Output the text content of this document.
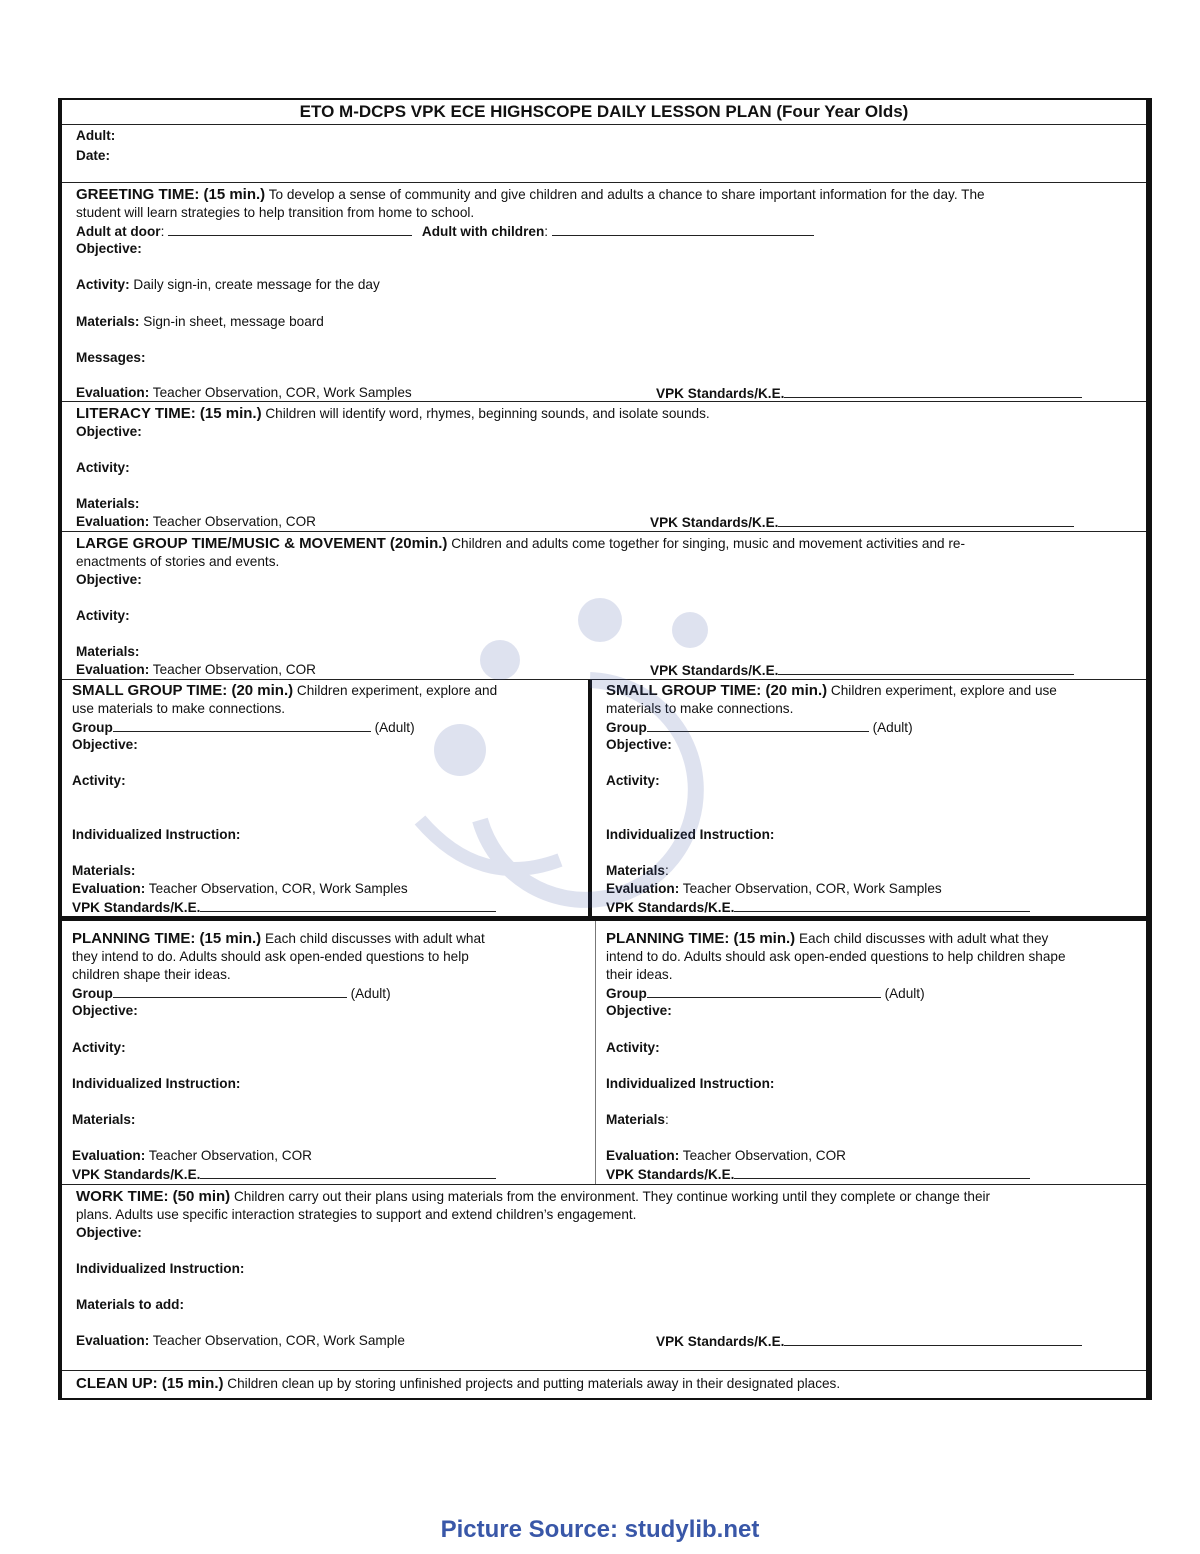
ETO M-DCPS VPK ECE HIGHSCOPE DAILY LESSON PLAN (Four Year Olds)
Adult:
Date:
GREETING TIME: (15 min.) To develop a sense of community and give children and adults a chance to share important information for the day. The
student will learn strategies to help transition from home to school.
Adult at door:	Adult with children:
Objective:
Activity: Daily sign-in, create message for the day
Materials: Sign-in sheet, message board
Messages:
Evaluation: Teacher Observation, COR, Work Samples	VPK Standards/K.E.
LITERACY TIME: (15 min.) Children will identify word, rhymes, beginning sounds, and isolate sounds.
Objective:
Activity:
Materials:
Evaluation: Teacher Observation, COR	VPK Standards/K.E.
LARGE GROUP TIME/MUSIC & MOVEMENT (20min.) Children and adults come together for singing, music and movement activities and re-
enactments of stories and events.
Objective:
Activity:
Materials:
Evaluation: Teacher Observation, COR	VPK Standards/K.E.
SMALL GROUP TIME: (20 min.) Children experiment, explore and
use materials to make connections.
Group	(Adult)
Objective:
Activity:
Individualized Instruction:
Materials:
Evaluation: Teacher Observation, COR, Work Samples
VPK Standards/K.E.
SMALL GROUP TIME: (20 min.) Children experiment, explore and use
materials to make connections.
Group	(Adult)
Objective:
Activity:
Individualized Instruction:
Materials:
Evaluation: Teacher Observation, COR, Work Samples
VPK Standards/K.E.
PLANNING TIME: (15 min.) Each child discusses with adult what
they intend to do. Adults should ask open-ended questions to help
children shape their ideas.
Group	(Adult)
Objective:
Activity:
Individualized Instruction:
Materials:
Evaluation: Teacher Observation, COR
VPK Standards/K.E.
PLANNING TIME: (15 min.) Each child discusses with adult what they
intend to do. Adults should ask open-ended questions to help children shape
their ideas.
Group	(Adult)
Objective:
Activity:
Individualized Instruction:
Materials:
Evaluation: Teacher Observation, COR
VPK Standards/K.E.
WORK TIME: (50 min) Children carry out their plans using materials from the environment. They continue working until they complete or change their
plans. Adults use specific interaction strategies to support and extend children’s engagement.
Objective:
Individualized Instruction:
Materials to add:
Evaluation: Teacher Observation, COR, Work Sample	VPK Standards/K.E.
CLEAN UP: (15 min.) Children clean up by storing unfinished projects and putting materials away in their designated places.
Picture Source: studylib.net
